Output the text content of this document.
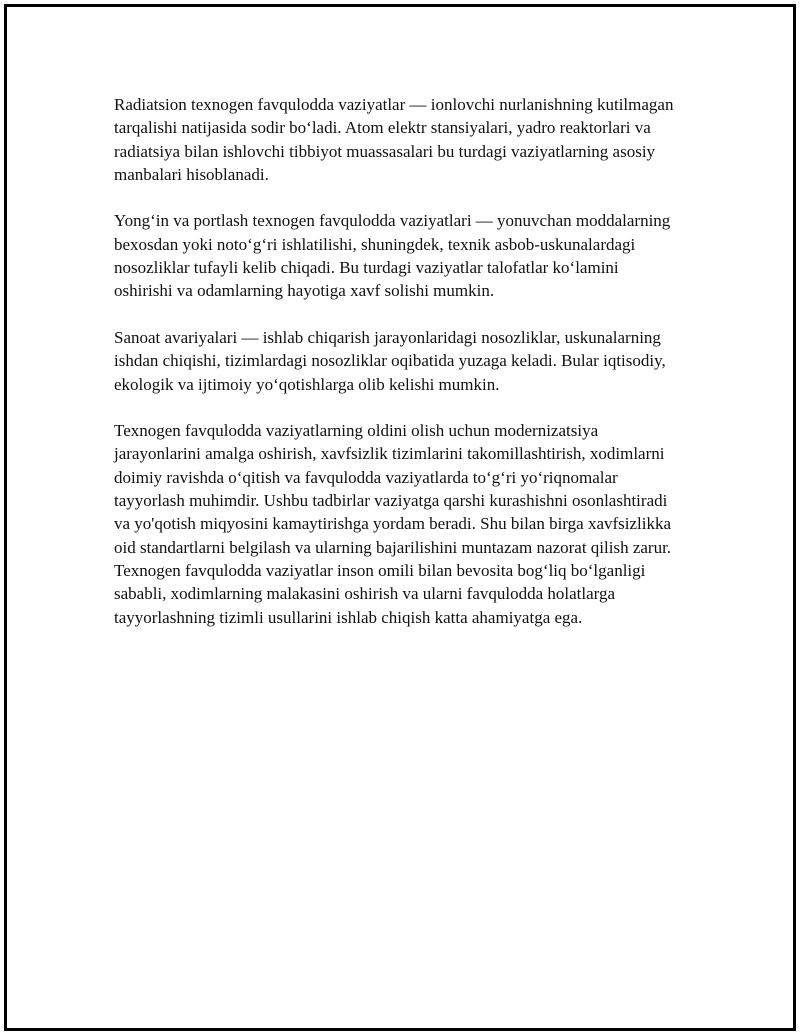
Radiatsion texnogen favqulodda vaziyatlar — ionlovchi nurlanishning kutilmagan tarqalishi natijasida sodir bo‘ladi. Atom elektr stansiyalari, yadro reaktorlari va radiatsiya bilan ishlovchi tibbiyot muassasalari bu turdagi vaziyatlarning asosiy manbalari hisoblanadi.

Yong‘in va portlash texnogen favqulodda vaziyatlari — yonuvchan moddalarning bexosdan yoki noto‘g‘ri ishlatilishi, shuningdek, texnik asbob-uskunalardagi nosozliklar tufayli kelib chiqadi. Bu turdagi vaziyatlar talofatlar ko‘lamini oshirishi va odamlarning hayotiga xavf solishi mumkin.

Sanoat avariyalari — ishlab chiqarish jarayonlaridagi nosozliklar, uskunalarning ishdan chiqishi, tizimlardagi nosozliklar oqibatida yuzaga keladi. Bular iqtisodiy, ekologik va ijtimoiy yo‘qotishlarga olib kelishi mumkin.

Texnogen favqulodda vaziyatlarning oldini olish uchun modernizatsiya jarayonlarini amalga oshirish, xavfsizlik tizimlarini takomillashtirish, xodimlarni doimiy ravishda o‘qitish va favqulodda vaziyatlarda to‘g‘ri yo‘riqnomalar tayyorlash muhimdir. Ushbu tadbirlar vaziyatga qarshi kurashishni osonlashtiradi va yo'qotish miqyosini kamaytirishga yordam beradi. Shu bilan birga xavfsizlikka oid standartlarni belgilash va ularning bajarilishini muntazam nazorat qilish zarur. Texnogen favqulodda vaziyatlar inson omili bilan bevosita bog‘liq bo‘lganligi sababli, xodimlarning malakasini oshirish va ularni favqulodda holatlarga tayyorlashning tizimli usullarini ishlab chiqish katta ahamiyatga ega.
